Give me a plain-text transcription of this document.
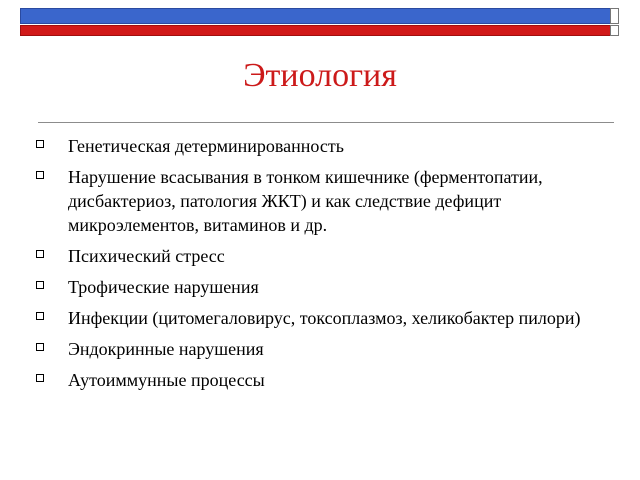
Этиология
Генетическая детерминированность
Нарушение всасывания в тонком кишечнике (ферментопатии, дисбактериоз, патология ЖКТ) и как следствие дефицит микроэлементов, витаминов и др.
Психический стресс
Трофические нарушения
Инфекции (цитомегаловирус, токсоплазмоз, хеликобактер пилори)
Эндокринные нарушения
Аутоиммунные процессы
